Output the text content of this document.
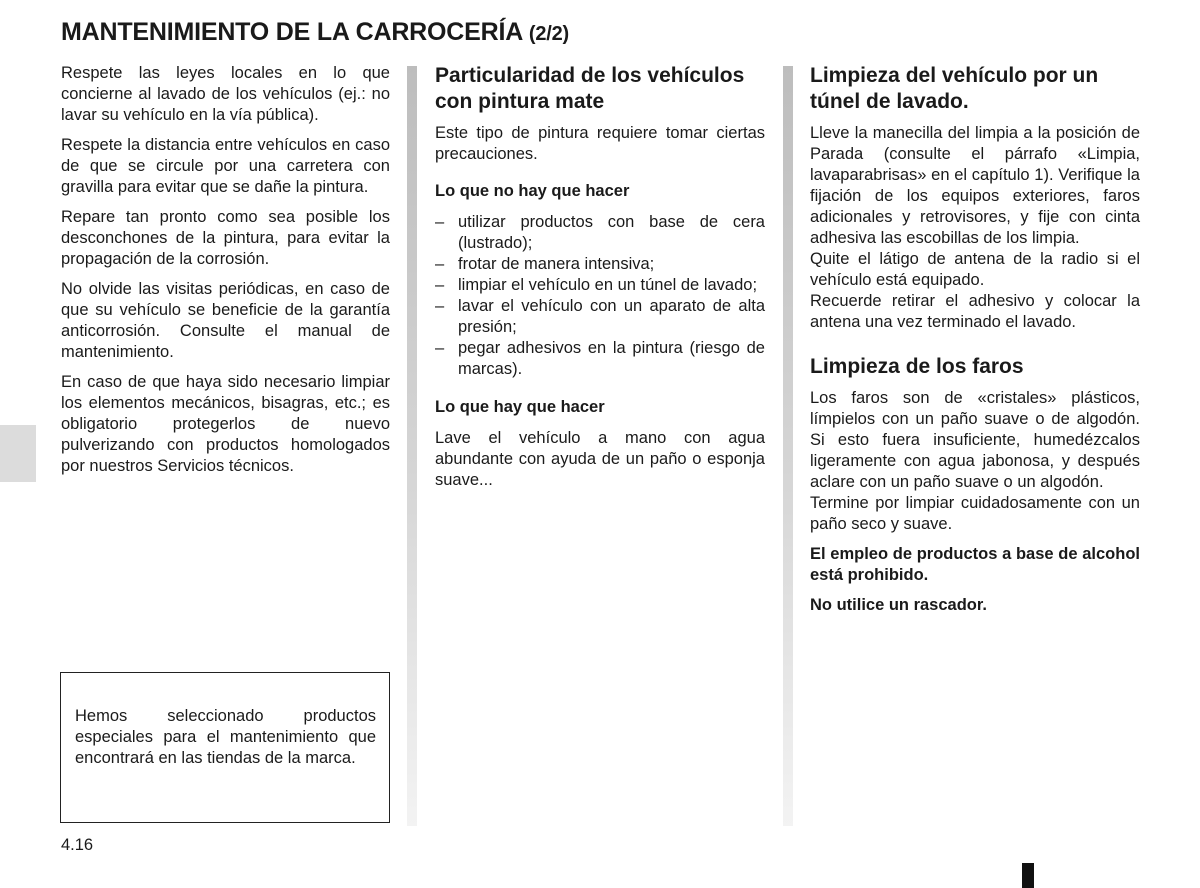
MANTENIMIENTO DE LA CARROCERÍA (2/2)

Respete las leyes locales en lo que concierne al lavado de los vehículos (ej.: no lavar su vehículo en la vía pública).

Respete la distancia entre vehículos en caso de que se circule por una carretera con gravilla para evitar que se dañe la pintura.

Repare tan pronto como sea posible los desconchones de la pintura, para evitar la propagación de la corrosión.

No olvide las visitas periódicas, en caso de que su vehículo se beneficie de la garantía anticorrosión. Consulte el manual de mantenimiento.

En caso de que haya sido necesario limpiar los elementos mecánicos, bisagras, etc.; es obligatorio protegerlos de nuevo pulverizando con productos homologados por nuestros Servicios técnicos.

Hemos seleccionado productos especiales para el mantenimiento que encontrará en las tiendas de la marca.

Particularidad de los vehículos con pintura mate

Este tipo de pintura requiere tomar ciertas precauciones.

Lo que no hay que hacer
– utilizar productos con base de cera (lustrado);
– frotar de manera intensiva;
– limpiar el vehículo en un túnel de lavado;
– lavar el vehículo con un aparato de alta presión;
– pegar adhesivos en la pintura (riesgo de marcas).
Lo que hay que hacer

Lave el vehículo a mano con agua abundante con ayuda de un paño o esponja suave...

Limpieza del vehículo por un túnel de lavado.

Lleve la manecilla del limpia a la posición de Parada (consulte el párrafo «Limpia, lavaparabrisas» en el capítulo 1). Verifique la fijación de los equipos exteriores, faros adicionales y retrovisores, y fije con cinta adhesiva las escobillas de los limpia.

Quite el látigo de antena de la radio si el vehículo está equipado.

Recuerde retirar el adhesivo y colocar la antena una vez terminado el lavado.

Limpieza de los faros

Los faros son de «cristales» plásticos, límpielos con un paño suave o de algodón. Si esto fuera insuficiente, humedézcalos ligeramente con agua jabonosa, y después aclare con un paño suave o un algodón.

Termine por limpiar cuidadosamente con un paño seco y suave.

El empleo de productos a base de alcohol está prohibido.

No utilice un rascador.

4.16
